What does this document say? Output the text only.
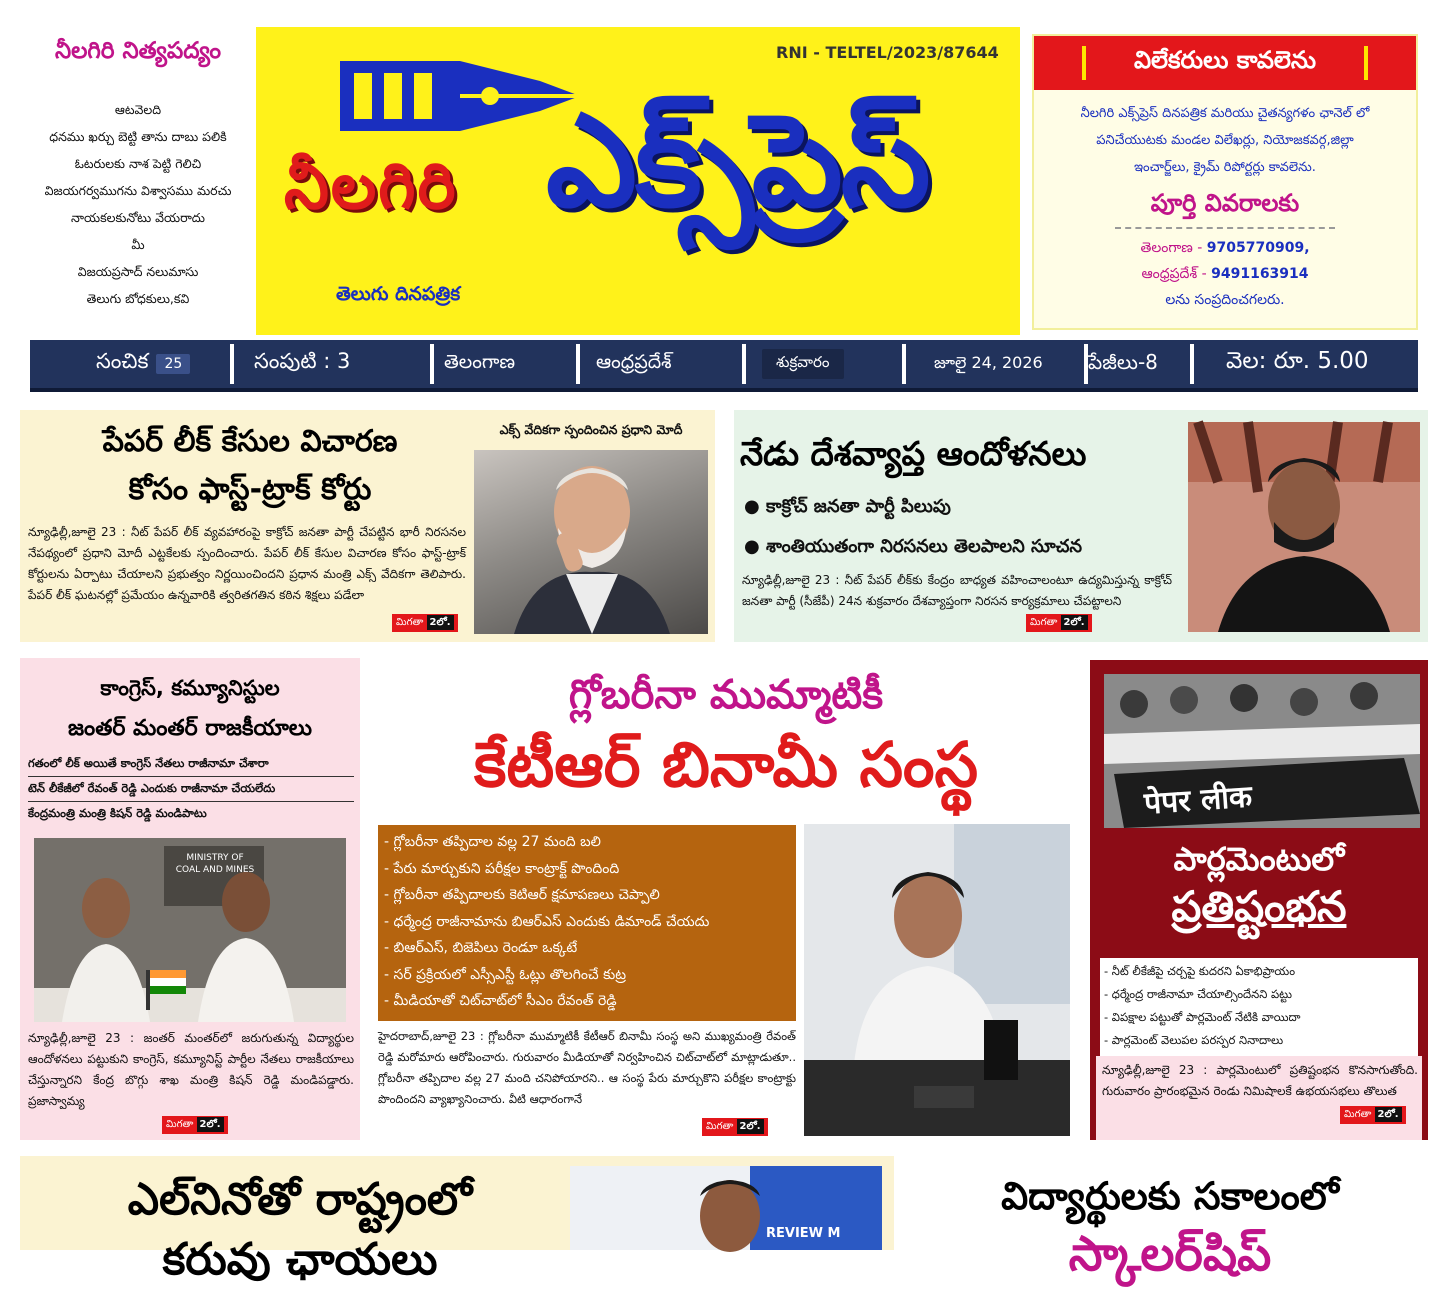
నీలగిరి నిత్యపద్యం
ఆటవెలది
ధనము ఖర్చు బెట్టి తాను దాబు పలికి
ఓటరులకు నాశ పెట్టి గెలిచి
విజయగర్వముగను విశ్వాసము మరచు
నాయకలకునోటు వేయరాదు
మీ
విజయప్రసాద్ నలుమాసు
తెలుగు బోధకులు,కవి
RNI - TELTEL/2023/87644
నీలగిరి ఎక్స్‌ప్రెస్
తెలుగు దినపత్రిక
విలేకరులు కావలెను
నీలగిరి ఎక్స్‌ప్రెస్ దినపత్రిక మరియు చైతన్యగళం ఛానెల్ లో
పనిచేయుటకు మండల విలేఖర్లు, నియోజకవర్గ,జిల్లా
ఇంచార్జ్‌లు, క్రైమ్ రిపోర్టర్లు కావలెను.
పూర్తి వివరాలకు
తెలంగాణ - 9705770909,
ఆంధ్రప్రదేశ్ - 9491163914
లను సంప్రదించగలరు.
సంచిక	25	సంపుటి : 3	తెలంగాణ	ఆంధ్రప్రదేశ్	శుక్రవారం	జూలై 24, 2026 పేజీలు-8	వెల: రూ. 5.00
పేపర్ లీక్ కేసుల విచారణ
కోసం ఫాస్ట్-ట్రాక్ కోర్టు
న్యూఢిల్లీ,జూలై 23 : నీట్ పేపర్ లీక్ వ్యవహారంపై కాక్రోచ్ జనతా పార్టీ చేపట్టిన భారీ నిరసనల నేపథ్యంలో ప్రధాని మోదీ ఎట్టకేలకు స్పందించారు. పేపర్ లీక్ కేసుల విచారణ కోసం ఫాస్ట్-ట్రాక్ కోర్టులను ఏర్పాటు చేయాలని ప్రభుత్వం నిర్ణయించిందని ప్రధాన మంత్రి ఎక్స్ వేదికగా తెలిపారు. పేపర్ లీక్ ఘటనల్లో ప్రమేయం ఉన్నవారికి త్వరితగతిన కఠిన శిక్షలు పడేలా
మిగతా 2లో.
ఎక్స్ వేదికగా స్పందించిన ప్రధాని మోదీ
నేడు దేశవ్యాప్త ఆందోళనలు
● కాక్రోచ్ జనతా పార్టీ పిలుపు
● శాంతియుతంగా నిరసనలు తెలపాలని సూచన
న్యూఢిల్లీ,జూలై 23 : నీట్ పేపర్ లీక్‌కు కేంద్రం బాధ్యత వహించాలంటూ ఉద్యమిస్తున్న కాక్రోచ్ జనతా పార్టీ (సీజేపీ) 24న శుక్రవారం దేశవ్యాప్తంగా నిరసన కార్యక్రమాలు చేపట్టాలని
మిగతా 2లో.
కాంగ్రెస్, కమ్యూనిస్టుల
జంతర్ మంతర్ రాజకీయాలు
గతంలో లీక్ అయితే కాంగ్రెస్ నేతలు రాజీనామా చేశారా
టెన్ లీకేజీలో రేవంత్ రెడ్డి ఎందుకు రాజీనామా చేయలేదు
కేంద్రమంత్రి మంత్రి కిషన్ రెడ్డి మండిపాటు
MINISTRY OF
COAL AND MINES
న్యూఢిల్లీ,జూలై 23 : జంతర్ మంతర్‌లో జరుగుతున్న విద్యార్థుల ఆందోళనలు పట్టుకుని కాంగ్రెస్, కమ్యూనిస్ట్ పార్టీల నేతలు రాజకీయాలు చేస్తున్నారని కేంద్ర బొగ్గు శాఖ మంత్రి కిషన్ రెడ్డి మండిపడ్డారు. ప్రజాస్వామ్య
మిగతా 2లో.
గ్లోబరీనా ముమ్మాటికీ
కేటీఆర్ బినామీ సంస్థ
- గ్లోబరీనా తప్పిదాల వల్ల 27 మంది బలి
- పేరు మార్చుకుని పరీక్షల కాంట్రాక్ట్ పొందింది
- గ్లోబరీనా తప్పిదాలకు కెటిఆర్ క్షమాపణలు చెప్పాలి
- ధర్మేంద్ర రాజీనామాను బిఆర్ఎస్ ఎందుకు డిమాండ్ చేయదు
- బిఆర్ఎస్, బిజెపిలు రెండూ ఒక్కటే
- సర్ ప్రక్రియలో ఎస్సీఎస్టీ ఓట్లు తొలగించే కుట్ర
- మీడియాతో చిట్‌చాట్‌లో సీఎం రేవంత్ రెడ్డి
హైదరాబాద్,జూలై 23 : గ్లోబరీనా ముమ్మాటికీ కేటీఆర్ బినామీ సంస్థ అని ముఖ్యమంత్రి రేవంత్ రెడ్డి మరోమారు ఆరోపించారు. గురువారం మీడియాతో నిర్వహించిన చిట్‌చాట్‌లో మాట్లాడుతూ.. గ్లోబరీనా తప్పిదాల వల్ల 27 మంది చనిపోయారని.. ఆ సంస్థ పేరు మార్చుకొని పరీక్షల కాంట్రాక్టు పొందిందని వ్యాఖ్యానించారు. వీటి ఆధారంగానే
మిగతా 2లో.
पेपर लीक
పార్లమెంటులో
ప్రతిష్టంభన
- నీట్ లీకేజీపై చర్చపై కుదరని ఏకాభిప్రాయం
- ధర్మేంద్ర రాజీనామా చేయాల్సిందేనని పట్టు
- విపక్షాల పట్టుతో పార్లమెంట్ నేటికి వాయిదా
- పార్లమెంట్ వెలుపల పరస్పర నినాదాలు
న్యూఢిల్లీ,జూలై 23 : పార్లమెంటులో ప్రతిష్టంభన కొనసాగుతోంది. గురువారం ప్రారంభమైన రెండు నిమిషాలకే ఉభయసభలు తొలుత
మిగతా 2లో.
ఎల్‌నినోతో రాష్ట్రంలో
కరువు ఛాయలు
REVIEW M
విద్యార్థులకు సకాలంలో
స్కాలర్‌షిప్
